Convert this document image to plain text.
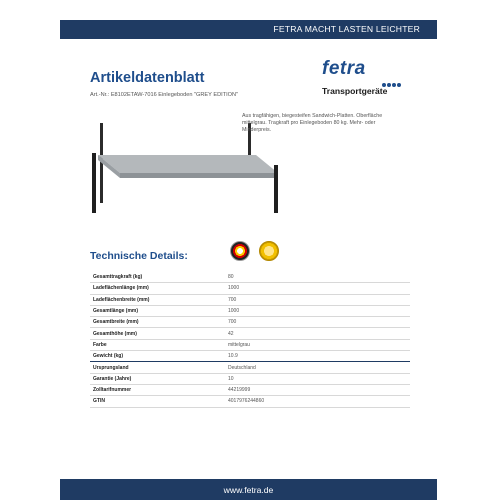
FETRA MACHT LASTEN LEICHTER
Artikeldatenblatt
Art.-Nr.: E8102ETAW-7016 Einlegeboden "GREY EDITION"
fetra
Transportgeräte
Aus tragfähigen, biegesteifen Sandwich-Platten. Oberfläche mittelgrau. Tragkraft pro Einlegeboden 80 kg. Mehr- oder Minderpreis.
Technische Details:
Gesamttragkraft (kg)	80
Ladeflächenlänge (mm)	1000
Ladeflächenbreite (mm)	700
Gesamtlänge (mm)	1000
Gesamtbreite (mm)	700
Gesamthöhe (mm)	42
Farbe	mittelgrau
Gewicht (kg)	10.9
Ursprungsland	Deutschland
Garantie (Jahre)	10
Zolltarifnummer	44219999
GTIN	4017976244860
www.fetra.de
